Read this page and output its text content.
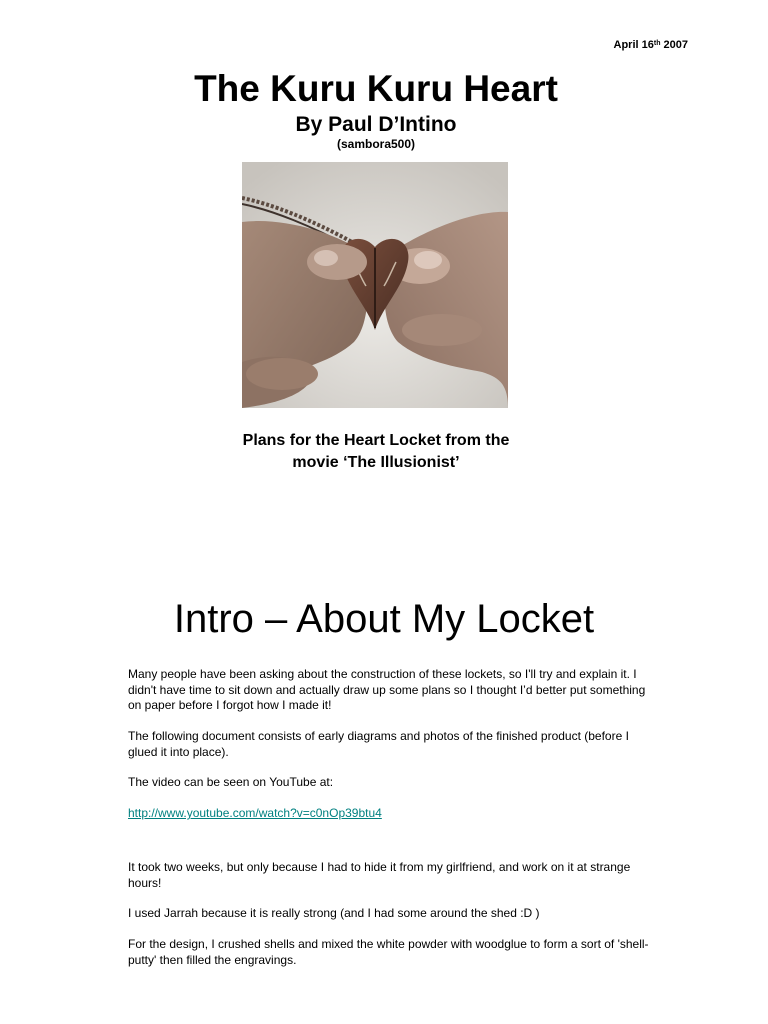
April 16th 2007
The Kuru Kuru Heart
By Paul D’Intino
(sambora500)
Plans for the Heart Locket from the
movie ‘The Illusionist’
Intro – About My Locket

Many people have been asking about the construction of these lockets, so I'll try and explain it. I didn't have time to sit down and actually draw up some plans so I thought I’d better put something on paper before I forgot how I made it!

The following document consists of early diagrams and photos of the finished product (before I glued it into place).

The video can be seen on YouTube at:

http://www.youtube.com/watch?v=c0nOp39btu4

It took two weeks, but only because I had to hide it from my girlfriend, and work on it at strange hours!

I used Jarrah because it is really strong (and I had some around the shed :D )

For the design, I crushed shells and mixed the white powder with woodglue to form a sort of 'shell-putty' then filled the engravings.
